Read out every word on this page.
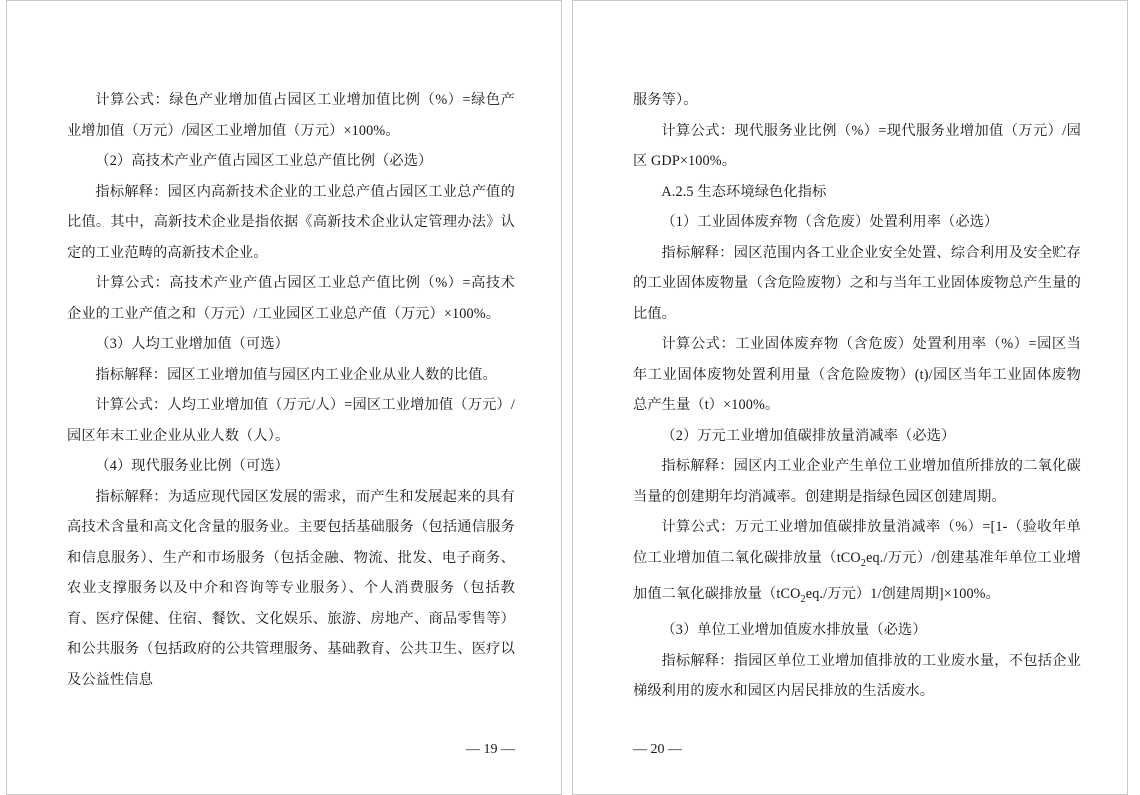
计算公式：绿色产业增加值占园区工业增加值比例（%）=绿色产业增加值（万元）/园区工业增加值（万元）×100%。

（2）高技术产业产值占园区工业总产值比例（必选）

指标解释：园区内高新技术企业的工业总产值占园区工业总产值的比值。其中，高新技术企业是指依据《高新技术企业认定管理办法》认定的工业范畴的高新技术企业。

计算公式：高技术产业产值占园区工业总产值比例（%）=高技术企业的工业产值之和（万元）/工业园区工业总产值（万元）×100%。

（3）人均工业增加值（可选）

指标解释：园区工业增加值与园区内工业企业从业人数的比值。

计算公式：人均工业增加值（万元/人）=园区工业增加值（万元）/园区年末工业企业从业人数（人）。

（4）现代服务业比例（可选）

指标解释：为适应现代园区发展的需求，而产生和发展起来的具有高技术含量和高文化含量的服务业。主要包括基础服务（包括通信服务和信息服务）、生产和市场服务（包括金融、物流、批发、电子商务、农业支撑服务以及中介和咨询等专业服务）、个人消费服务（包括教育、医疗保健、住宿、餐饮、文化娱乐、旅游、房地产、商品零售等）和公共服务（包括政府的公共管理服务、基础教育、公共卫生、医疗以及公益性信息

— 19 —

服务等）。

计算公式：现代服务业比例（%）=现代服务业增加值（万元）/园区 GDP×100%。

A.2.5 生态环境绿色化指标

（1）工业固体废弃物（含危废）处置利用率（必选）

指标解释：园区范围内各工业企业安全处置、综合利用及安全贮存的工业固体废物量（含危险废物）之和与当年工业固体废物总产生量的比值。

计算公式：工业固体废弃物（含危废）处置利用率（%）=园区当年工业固体废物处置利用量（含危险废物）(t)/园区当年工业固体废物总产生量（t）×100%。

（2）万元工业增加值碳排放量消减率（必选）

指标解释：园区内工业企业产生单位工业增加值所排放的二氧化碳当量的创建期年均消减率。创建期是指绿色园区创建周期。

计算公式：万元工业增加值碳排放量消减率（%）=[1-（验收年单位工业增加值二氧化碳排放量（tCO$_2$eq./万元）/创建基准年单位工业增加值二氧化碳排放量（tCO$_2$eq./万元）1/创建周期]×100%。

（3）单位工业增加值废水排放量（必选）

指标解释：指园区单位工业增加值排放的工业废水量，不包括企业梯级利用的废水和园区内居民排放的生活废水。

— 20 —
